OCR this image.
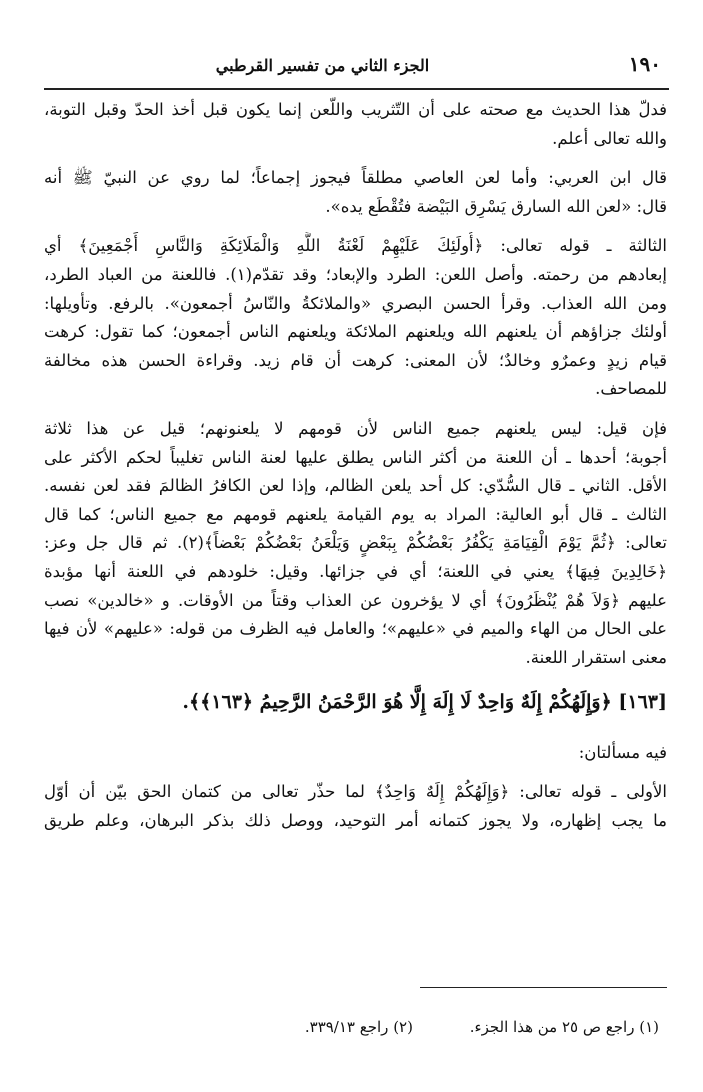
١٩٠
الجزء الثاني من تفسير القرطبي

فدلّ هذا الحديث مع صحته على أن التّثريب واللّعن إنما يكون قبل أخذ الحدّ وقبل التوبة،
والله تعالى أعلم.

قال ابن العربي: وأما لعن العاصي مطلقاً فيجوز إجماعاً؛ لما روي عن النبيّ ﷺ أنه
قال: «لعن الله السارق يَسْرِق البَيْضة فتُقْطَع يده».

الثالثة ـ قوله تعالى: ﴿أُولَئِكَ عَلَيْهِمْ لَعْنَةُ اللَّهِ وَالْمَلَائِكَةِ وَالنَّاسِ أَجْمَعِينَ﴾ أي
إبعادهم من رحمته. وأصل اللعن: الطرد والإبعاد؛ وقد تقدّم(١). فاللعنة من العباد الطرد،
ومن الله العذاب. وقرأ الحسن البصري «والملائكةُ والنّاسُ أجمعون». بالرفع. وتأويلها:
أولئك جزاؤهم أن يلعنهم الله ويلعنهم الملائكة ويلعنهم الناس أجمعون؛ كما تقول: كرهت
قيام زيدٍ وعمرٌو وخالدٌ؛ لأن المعنى: كرهت أن قام زيد. وقراءة الحسن هذه مخالفة
للمصاحف.

فإن قيل: ليس يلعنهم جميع الناس لأن قومهم لا يلعنونهم؛ قيل عن هذا ثلاثة
أجوبة؛ أحدها ـ أن اللعنة من أكثر الناس يطلق عليها لعنة الناس تغليباً لحكم الأكثر على
الأقل. الثاني ـ قال السُّدّي: كل أحد يلعن الظالم، وإذا لعن الكافرُ الظالمَ فقد لعن نفسه.
الثالث ـ قال أبو العالية: المراد به يوم القيامة يلعنهم قومهم مع جميع الناس؛ كما قال
تعالى: ﴿ثُمَّ يَوْمَ الْقِيَامَةِ يَكْفُرُ بَعْضُكُمْ بِبَعْضٍ وَيَلْعَنُ بَعْضُكُمْ بَعْضاً﴾(٢). ثم قال جل وعز:
﴿خَالِدِينَ فِيهَا﴾ يعني في اللعنة؛ أي في جزائها. وقيل: خلودهم في اللعنة أنها مؤبدة
عليهم ﴿وَلاَ هُمْ يُنْظَرُونَ﴾ أي لا يؤخرون عن العذاب وقتاً من الأوقات. و «خالدين» نصب
على الحال من الهاء والميم في «عليهم»؛ والعامل فيه الظرف من قوله: «عليهم» لأن فيها
معنى استقرار اللعنة.

[١٦٣] ﴿وَإِلَهُكُمْ إِلَهٌ وَاحِدٌ لَا إِلَهَ إِلَّا هُوَ الرَّحْمَنُ الرَّحِيمُ ﴿١٦٣﴾﴾.

فيه مسألتان:

الأولى ـ قوله تعالى: ﴿وَإِلَهُكُمْ إِلَهٌ وَاحِدٌ﴾ لما حذّر تعالى من كتمان الحق بيّن أن أوّل
ما يجب إظهاره، ولا يجوز كتمانه أمر التوحيد، ووصل ذلك بذكر البرهان، وعلم طريق

(١) راجع ص ٢٥ من هذا الجزء. (٢) راجع ٣٣٩/١٣.
